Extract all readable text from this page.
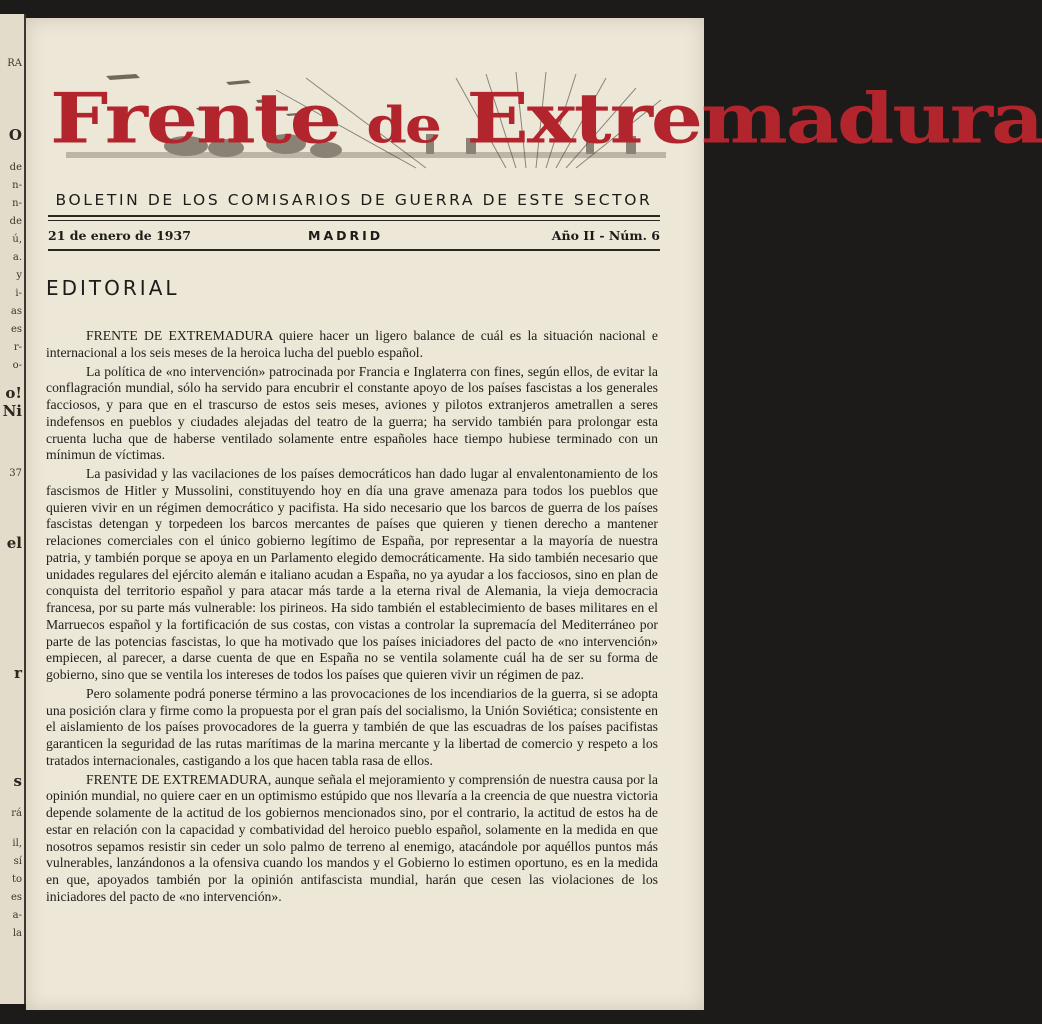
RA
O
de
n-
n-
de
ú,
a.
y
i-
as
es
r-
o-
o!
Ni
37
el
r
s
rá
il,
sí
to
es
a-
la
Frente de Extremadura
BOLETIN DE LOS COMISARIOS DE GUERRA DE ESTE SECTOR
21 de enero de 1937	MADRID	Año II - Núm. 6
EDITORIAL

FRENTE DE EXTREMADURA quiere hacer un ligero balance de cuál es la situación nacional e internacional a los seis meses de la heroica lucha del pueblo español.

La política de «no intervención» patrocinada por Francia e Inglaterra con fines, según ellos, de evitar la conflagración mundial, sólo ha servido para encubrir el constante apoyo de los países fascistas a los generales facciosos, y para que en el trascurso de estos seis meses, aviones y pilotos extranjeros ametrallen a seres indefensos en pueblos y ciudades alejadas del teatro de la guerra; ha servido también para prolongar esta cruenta lucha que de haberse ventilado solamente entre españoles hace tiempo hubiese terminado con un mínimun de víctimas.

La pasividad y las vacilaciones de los países democráticos han dado lugar al envalentonamiento de los fascismos de Hitler y Mussolini, constituyendo hoy en día una grave amenaza para todos los pueblos que quieren vivir en un régimen democrático y pacifista. Ha sido necesario que los barcos de guerra de los países fascistas detengan y torpedeen los barcos mercantes de países que quieren y tienen derecho a mantener relaciones comerciales con el único gobierno legítimo de España, por representar a la mayoría de nuestra patria, y también porque se apoya en un Parlamento elegido democráticamente. Ha sido también necesario que unidades regulares del ejército alemán e italiano acudan a España, no ya ayudar a los facciosos, sino en plan de conquista del territorio español y para atacar más tarde a la eterna rival de Alemania, la vieja democracia francesa, por su parte más vulnerable: los pirineos. Ha sido también el establecimiento de bases militares en el Marruecos español y la fortificación de sus costas, con vistas a controlar la supremacía del Mediterráneo por parte de las potencias fascistas, lo que ha motivado que los países iniciadores del pacto de «no intervención» empiecen, al parecer, a darse cuenta de que en España no se ventila solamente cuál ha de ser su forma de gobierno, sino que se ventila los intereses de todos los países que quieren vivir un régimen de paz.

Pero solamente podrá ponerse término a las provocaciones de los incendiarios de la guerra, si se adopta una posición clara y firme como la propuesta por el gran país del socialismo, la Unión Soviética; consistente en el aislamiento de los países provocadores de la guerra y también de que las escuadras de los países pacifistas garanticen la seguridad de las rutas marítimas de la marina mercante y la libertad de comercio y respeto a los tratados internacionales, castigando a los que hacen tabla rasa de ellos.

FRENTE DE EXTREMADURA, aunque señala el mejoramiento y comprensión de nuestra causa por la opinión mundial, no quiere caer en un optimismo estúpido que nos llevaría a la creencia de que nuestra victoria depende solamente de la actitud de los gobiernos mencionados sino, por el contrario, la actitud de estos ha de estar en relación con la capacidad y combatividad del heroico pueblo español, solamente en la medida en que nosotros sepamos resistir sin ceder un solo palmo de terreno al enemigo, atacándole por aquéllos puntos más vulnerables, lanzándonos a la ofensiva cuando los mandos y el Gobierno lo estimen oportuno, es en la medida en que, apoyados también por la opinión antifascista mundial, harán que cesen las violaciones de los iniciadores del pacto de «no intervención».
